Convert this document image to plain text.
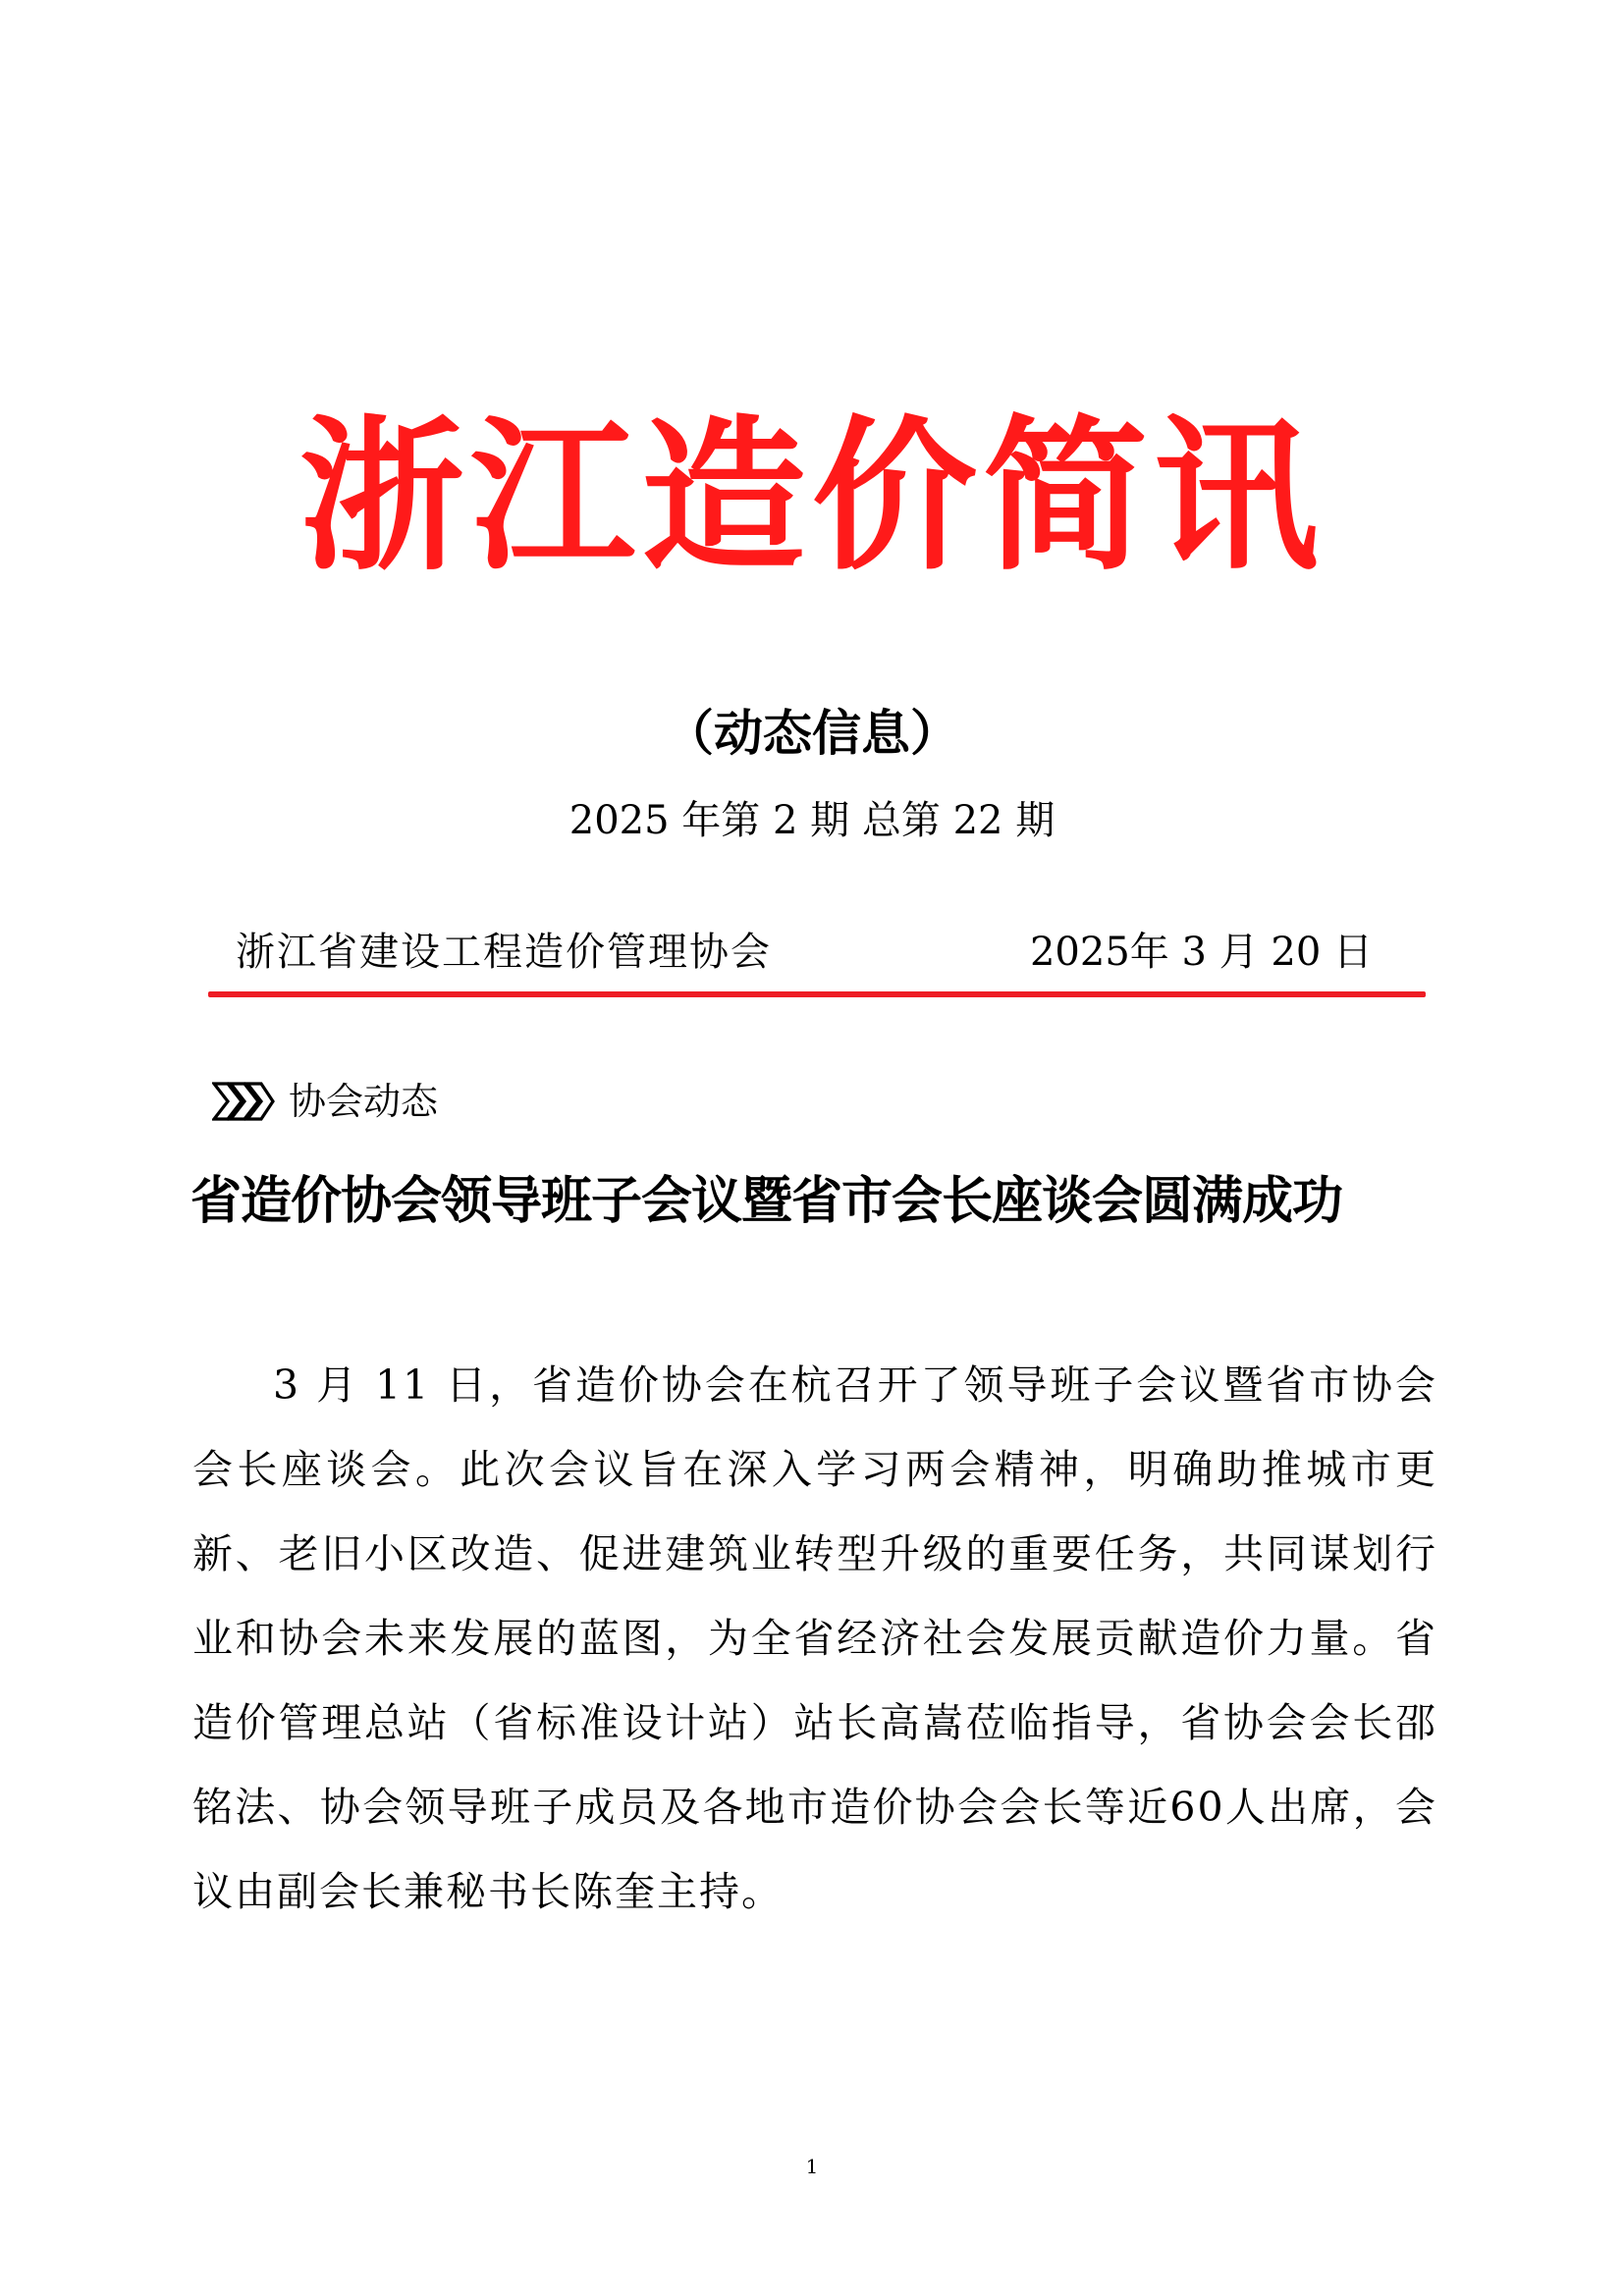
浙江造价简讯
（动态信息）
2025 年第 2 期 总第 22 期
浙江省建设工程造价管理协会	2025年 3 月 20 日
协会动态
省造价协会领导班子会议暨省市会长座谈会圆满成功
3 月 11 日，省造价协会在杭召开了领导班子会议暨省市协会会长座谈会。此次会议旨在深入学习两会精神，明确助推城市更新、老旧小区改造、促进建筑业转型升级的重要任务，共同谋划行业和协会未来发展的蓝图，为全省经济社会发展贡献造价力量。省造价管理总站（省标准设计站）站长高嵩莅临指导，省协会会长邵铭法、协会领导班子成员及各地市造价协会会长等近60人出席，会议由副会长兼秘书长陈奎主持。
1
